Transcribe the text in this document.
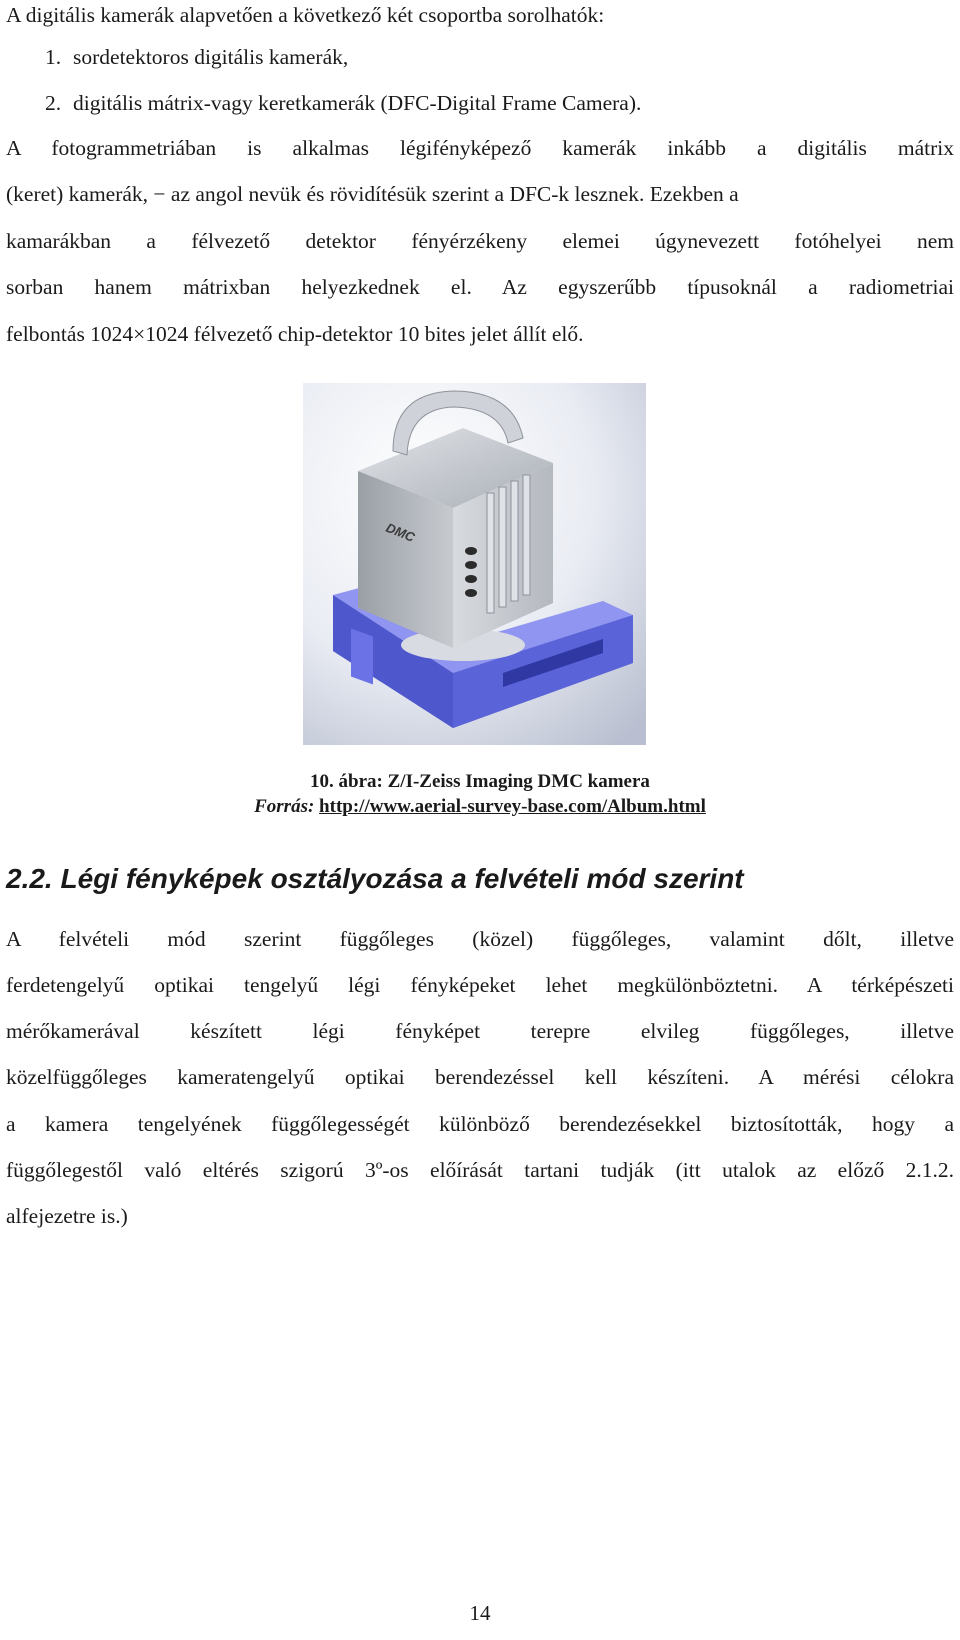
A digitális kamerák alapvetően a következő két csoportba sorolhatók:
1. sordetektoros digitális kamerák,
2. digitális mátrix-vagy keretkamerák (DFC-Digital Frame Camera).
A fotogrammetriában is alkalmas légifényképező kamerák inkább a digitális mátrix
(keret) kamerák, − az angol nevük és rövidítésük szerint a DFC-k lesznek. Ezekben a
kamarákban a félvezető detektor fényérzékeny elemei úgynevezett fotóhelyei nem
sorban hanem mátrixban helyezkednek el. Az egyszerűbb típusoknál a radiometriai
felbontás 1024×1024 félvezető chip-detektor 10 bites jelet állít elő.
DMC
10. ábra: Z/I-Zeiss Imaging DMC kamera
Forrás: http://www.aerial-survey-base.com/Album.html
2.2. Légi fényképek osztályozása a felvételi mód szerint
A felvételi mód szerint függőleges (közel) függőleges, valamint dőlt, illetve
ferdetengelyű optikai tengelyű légi fényképeket lehet megkülönböztetni. A térképészeti
mérőkamerával készített légi fényképet terepre elvileg függőleges, illetve
közelfüggőleges kameratengelyű optikai berendezéssel kell készíteni. A mérési célokra
a kamera tengelyének függőlegességét különböző berendezésekkel biztosították, hogy a
függőlegestől való eltérés szigorú 3º-os előírását tartani tudják (itt utalok az előző 2.1.2.
alfejezetre is.)
14
